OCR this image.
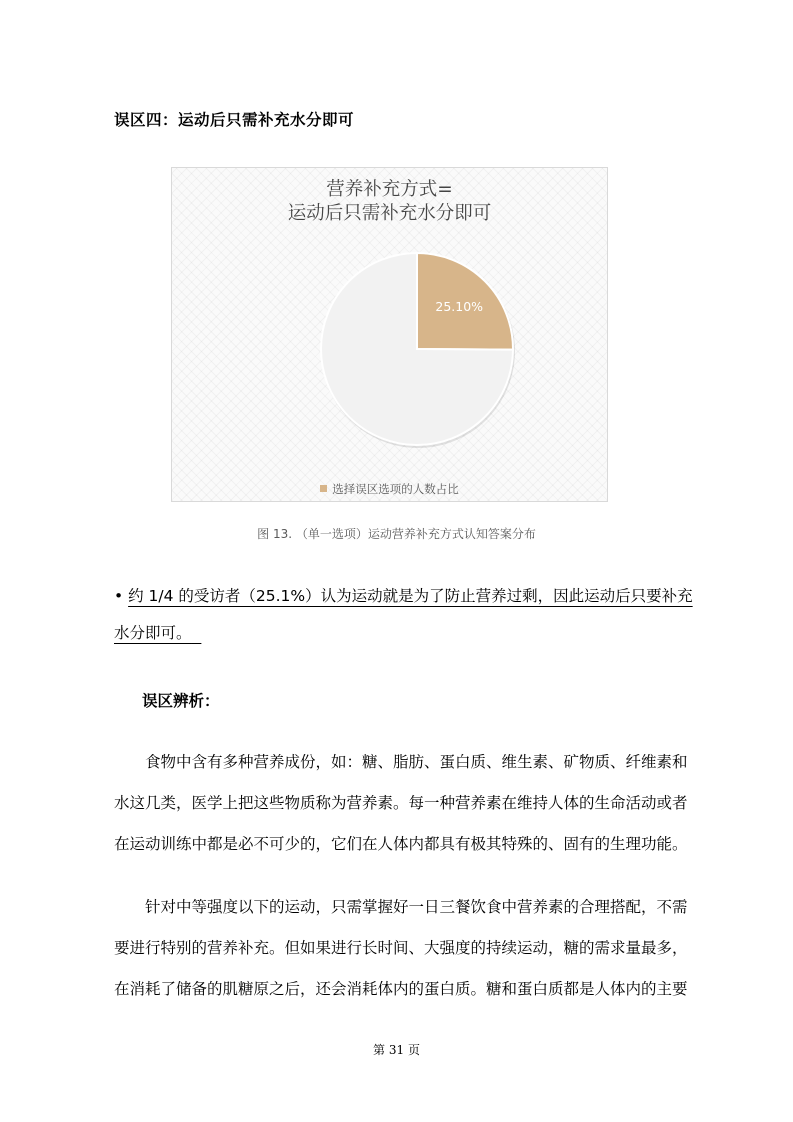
误区四：运动后只需补充水分即可
营养补充方式=
运动后只需补充水分即可
25.10%
选择误区选项的人数占比
图 13. （单一选项）运动营养补充方式认知答案分布
• 约 1/4 的受访者（25.1%）认为运动就是为了防止营养过剩，因此运动后只要补充
水分即可。
误区辨析：
食物中含有多种营养成份，如：糖、脂肪、蛋白质、维生素、矿物质、纤维素和
水这几类，医学上把这些物质称为营养素。每一种营养素在维持人体的生命活动或者
在运动训练中都是必不可少的，它们在人体内都具有极其特殊的、固有的生理功能。
针对中等强度以下的运动，只需掌握好一日三餐饮食中营养素的合理搭配，不需
要进行特别的营养补充。但如果进行长时间、大强度的持续运动，糖的需求量最多，
在消耗了储备的肌糖原之后，还会消耗体内的蛋白质。糖和蛋白质都是人体内的主要
第 31 页
